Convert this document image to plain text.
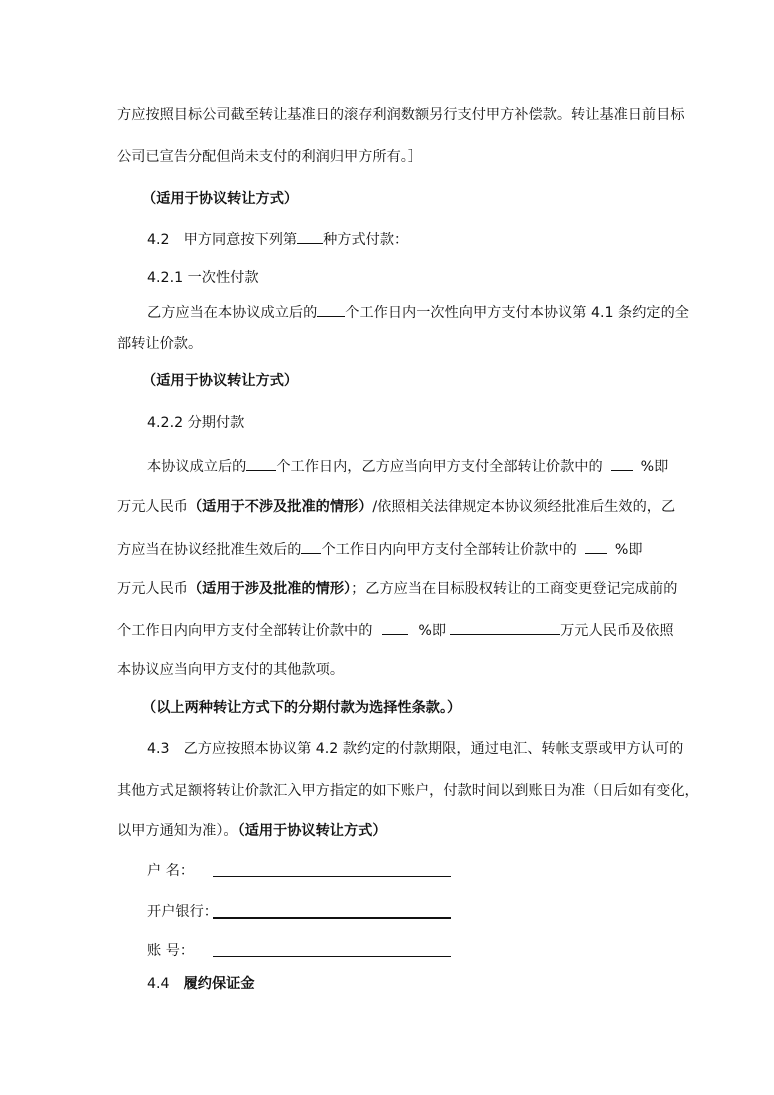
方应按照目标公司截至转让基准日的滚存利润数额另行支付甲方补偿款。转让基准日前目标
公司已宣告分配但尚未支付的利润归甲方所有。］
（适用于协议转让方式）
4.2 甲方同意按下列第 种方式付款：
4.2.1 一次性付款
乙方应当在本协议成立后的 个工作日内一次性向甲方支付本协议第 4.1 条约定的全
部转让价款。
（适用于协议转让方式）
4.2.2 分期付款
本协议成立后的 个工作日内，乙方应当向甲方支付全部转让价款中的	%即
万元人民币（适用于不涉及批准的情形）/依照相关法律规定本协议须经批准后生效的，乙
方应当在协议经批准生效后的 个工作日内向甲方支付全部转让价款中的	%即
万元人民币（适用于涉及批准的情形）；乙方应当在目标股权转让的工商变更登记完成前的
个工作日内向甲方支付全部转让价款中的	%即	万元人民币及依照
本协议应当向甲方支付的其他款项。
（以上两种转让方式下的分期付款为选择性条款。）
4.3 乙方应按照本协议第 4.2 款约定的付款期限，通过电汇、转帐支票或甲方认可的
其他方式足额将转让价款汇入甲方指定的如下账户，付款时间以到账日为准（日后如有变化，
以甲方通知为准）。（适用于协议转让方式）
户 名：
开户银行：
账 号：
4.4 履约保证金
